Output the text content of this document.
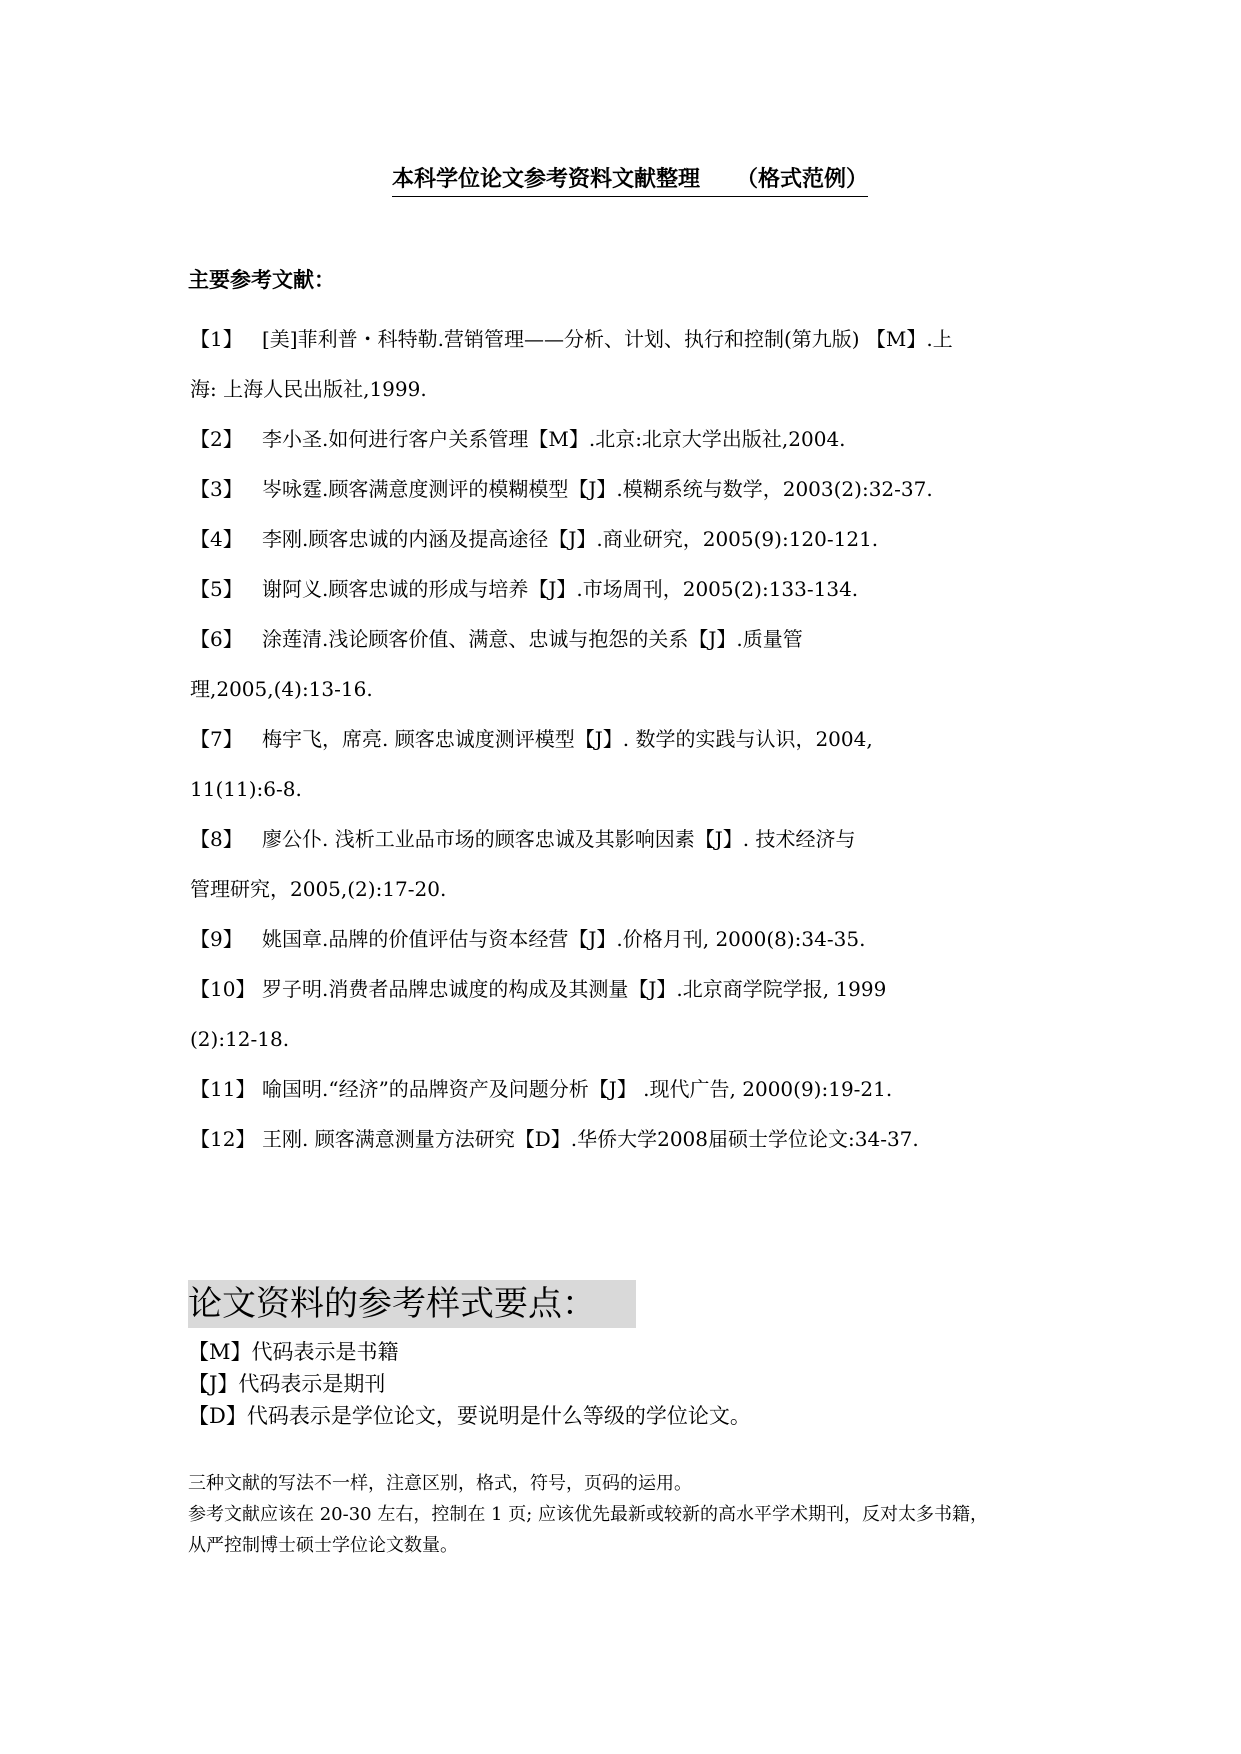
本科学位论文参考资料文献整理 （格式范例）
主要参考文献：
【1】 [美]菲利普・科特勒.营销管理——分析、计划、执行和控制(第九版) 【M】.上
海: 上海人民出版社,1999.
【2】 李小圣.如何进行客户关系管理【M】.北京:北京大学出版社,2004.
【3】 岑咏霆.顾客满意度测评的模糊模型【J】.模糊系统与数学，2003(2):32-37.
【4】 李刚.顾客忠诚的内涵及提高途径【J】.商业研究，2005(9):120-121.
【5】 谢阿义.顾客忠诚的形成与培养【J】.市场周刊，2005(2):133-134.
【6】 涂莲清.浅论顾客价值、满意、忠诚与抱怨的关系【J】.质量管
理,2005,(4):13-16.
【7】 梅宇飞，席亮. 顾客忠诚度测评模型【J】. 数学的实践与认识，2004,
11(11):6-8.
【8】 廖公仆. 浅析工业品市场的顾客忠诚及其影响因素【J】. 技术经济与
管理研究，2005,(2):17-20.
【9】 姚国章.品牌的价值评估与资本经营【J】.价格月刊, 2000(8):34-35.
【10】 罗子明.消费者品牌忠诚度的构成及其测量【J】.北京商学院学报, 1999
(2):12-18.
【11】 喻国明.“经济”的品牌资产及问题分析【J】 .现代广告, 2000(9):19-21.
【12】 王刚. 顾客满意测量方法研究【D】.华侨大学2008届硕士学位论文:34-37.
论文资料的参考样式要点：
【M】代码表示是书籍
【J】代码表示是期刊
【D】代码表示是学位论文，要说明是什么等级的学位论文。
三种文献的写法不一样，注意区别，格式，符号，页码的运用。
参考文献应该在 20-30 左右，控制在 1 页; 应该优先最新或较新的高水平学术期刊，反对太多书籍，
从严控制博士硕士学位论文数量。
